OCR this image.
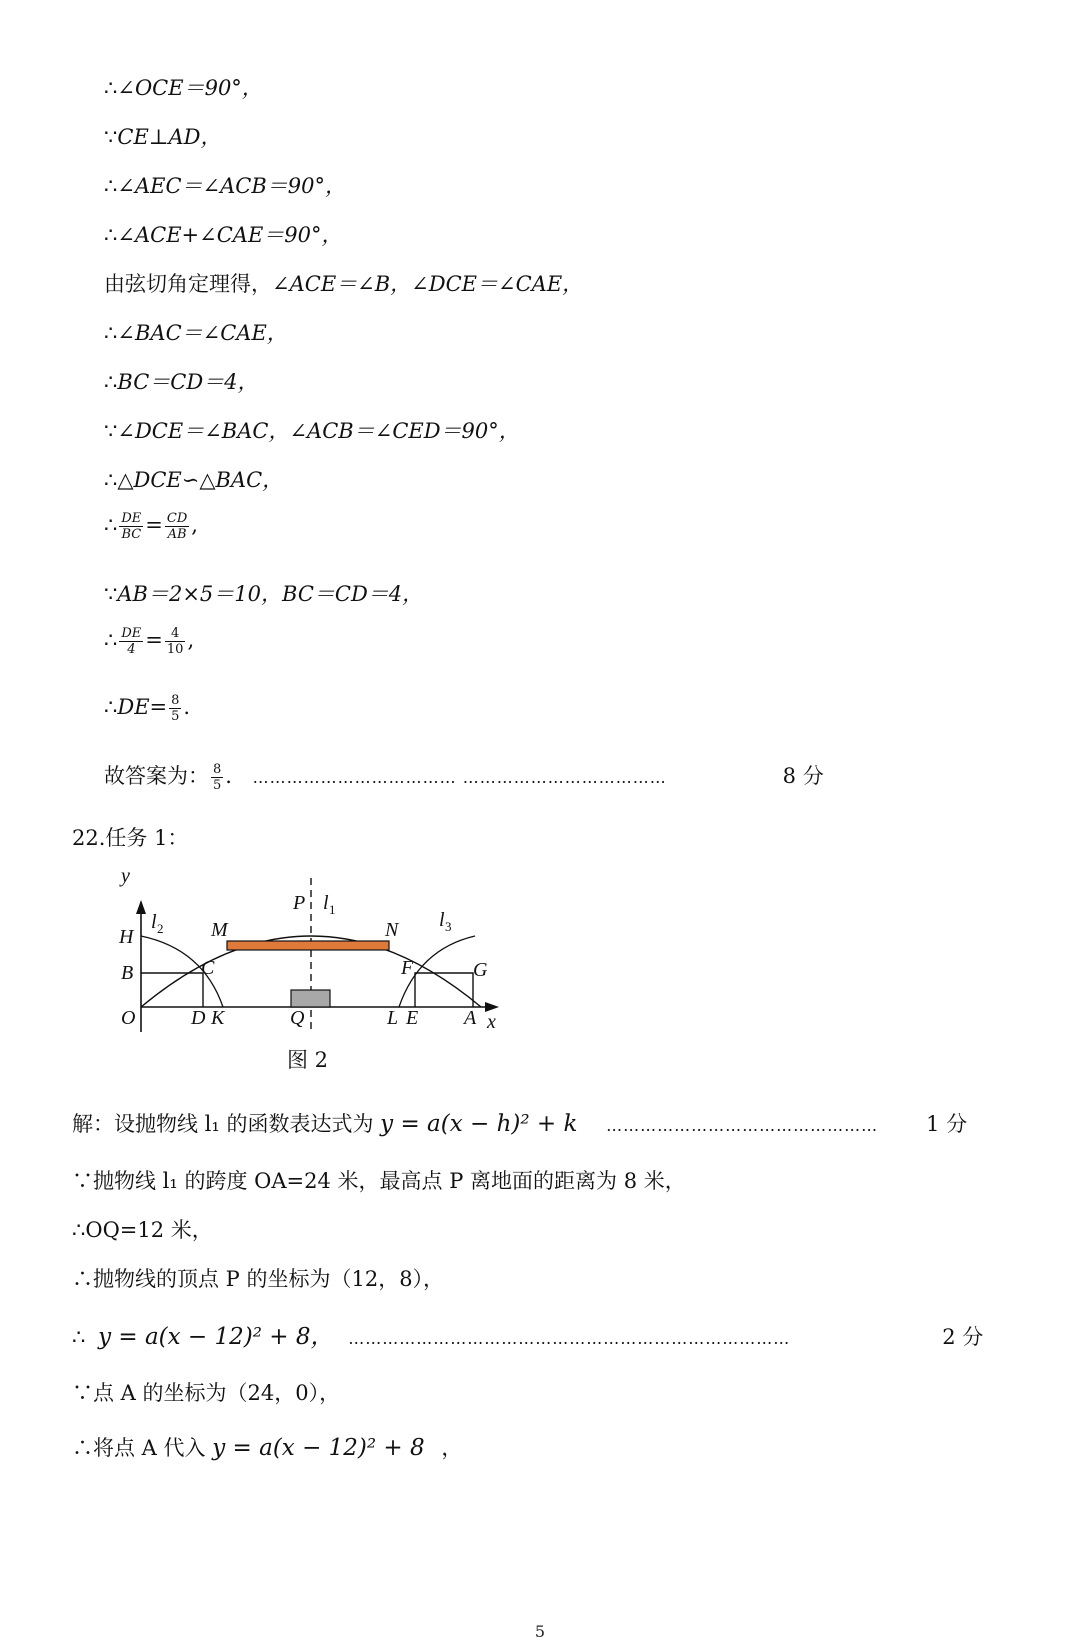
∴∠OCE＝90°，
∵CE⊥AD，
∴∠AEC＝∠ACB＝90°，
∴∠ACE+∠CAE＝90°，
由弦切角定理得，∠ACE＝∠B，∠DCE＝∠CAE，
∴∠BAC＝∠CAE，
∴BC＝CD＝4，
∵∠DCE＝∠BAC，∠ACB＝∠CED＝90°，
∴△DCE∽△BAC，
∴ $\frac{DE}{BC} = \frac{CD}{AB}$ ,
∵AB＝2×5＝10，BC＝CD＝4，
∴ $\frac{DE}{4} = \frac{4}{10}$ ,
∴DE= $\frac{8}{5}$ .
故答案为： $\frac{8}{5}$ . ……………………………… ………………………………	8 分
22.任务 1：
y
x
H
B
O	D K	Q	L E A
M	N
P
C	F	G
l 2
l 1	l 3
图 2
解：设抛物线 l₁ 的函数表达式为 y = a(x − h)² + k ………………………………………… 1 分
∵抛物线 l₁ 的跨度 OA=24 米，最高点 P 离地面的距离为 8 米，
∴OQ=12 米，
∴抛物线的顶点 P 的坐标为（12，8），
∴ y = a(x − 12)² + 8， ……………………………………………………………………	2 分
∵点 A 的坐标为（24，0），
∴将点 A 代入 y = a(x − 12)² + 8 ，
5
